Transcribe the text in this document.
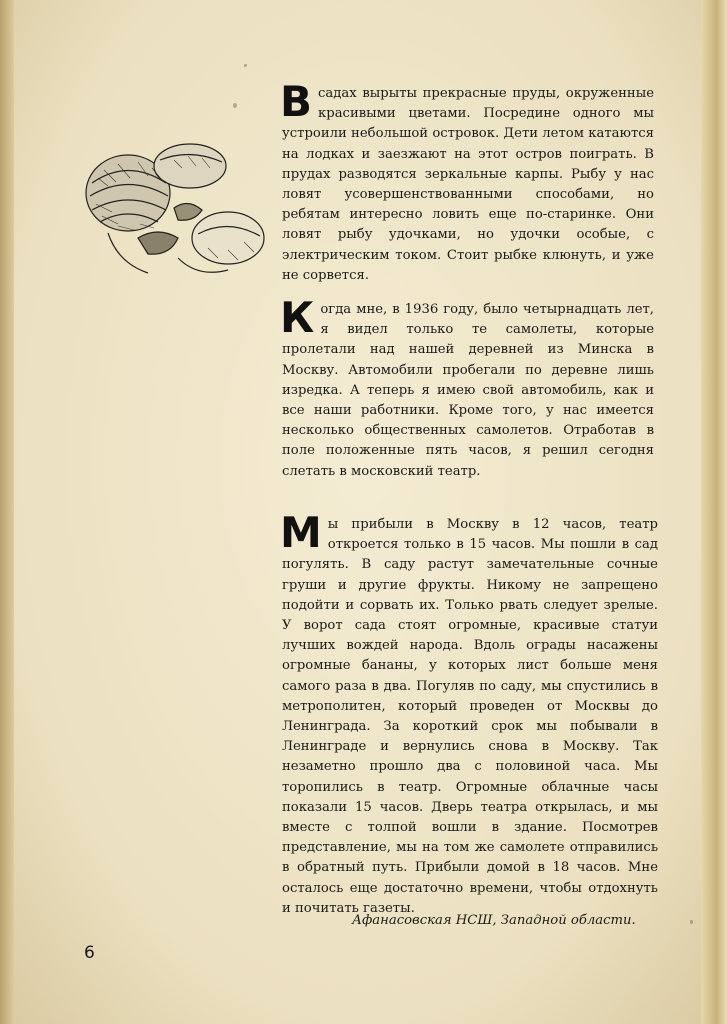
В садах вырыты прекрасные пруды, окруженные красивыми цветами. Посредине одного мы устроили небольшой островок. Дети летом катаются на лодках и заезжают на этот остров поиграть. В прудах разводятся зеркальные карпы. Рыбу у нас ловят усовершенствованными способами, но ребятам интересно ловить еще по-старинке. Они ловят рыбу удочками, но удочки особые, с электрическим током. Стоит рыбке клюнуть, и уже не сорвется.

К огда мне, в 1936 году, было четырнадцать лет, я видел только те самолеты, которые пролетали над нашей деревней из Минска в Москву. Автомобили пробегали по деревне лишь изредка. А теперь я имею свой автомобиль, как и все наши работники. Кроме того, у нас имеется несколько общественных самолетов. Отработав в поле положенные пять часов, я решил сегодня слетать в московский театр.

М ы прибыли в Москву в 12 часов, театр откроется только в 15 часов. Мы пошли в сад погулять. В саду растут замечательные сочные груши и другие фрукты. Никому не запрещено подойти и сорвать их. Только рвать следует зрелые. У ворот сада стоят огромные, красивые статуи лучших вождей народа. Вдоль ограды насажены огромные бананы, у которых лист больше меня самого раза в два. Погуляв по саду, мы спустились в метрополитен, который проведен от Москвы до Ленинграда. За короткий срок мы побывали в Ленинграде и вернулись снова в Москву. Так незаметно прошло два с половиной часа. Мы торопились в театр. Огромные облачные часы показали 15 часов. Дверь театра открылась, и мы вместе с толпой вошли в здание. Посмотрев представление, мы на том же самолете отправились в обратный путь. Прибыли домой в 18 часов. Мне осталось еще достаточно времени, чтобы отдохнуть и почитать газеты.

Афанасовская НСШ, Западной области.
6
